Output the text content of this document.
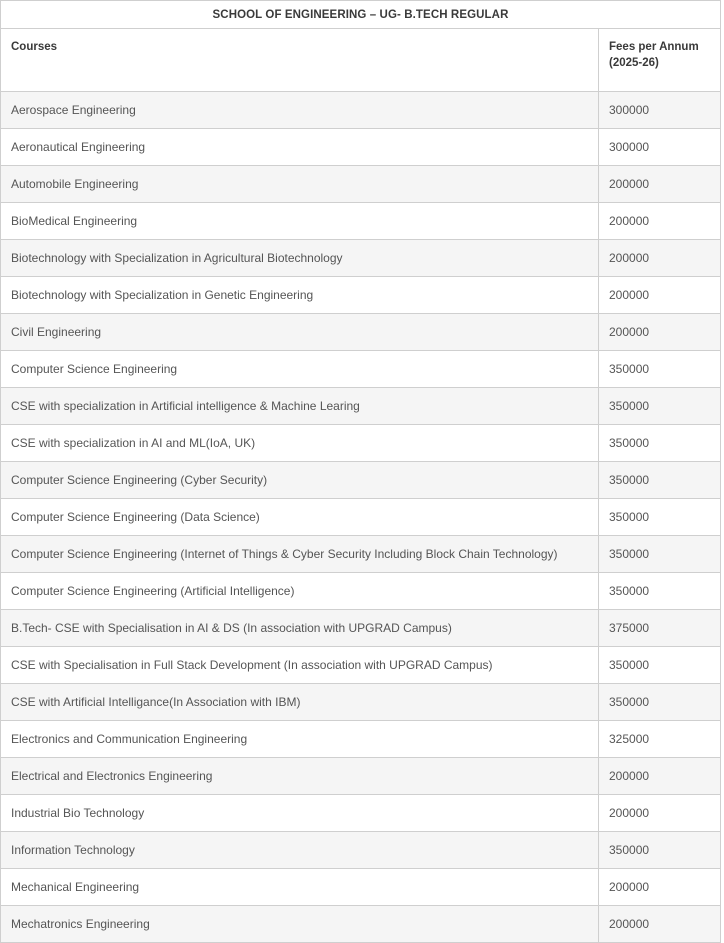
SCHOOL OF ENGINEERING – UG- B.TECH REGULAR	
Courses	Fees per Annum (2025-26)
Aerospace Engineering	300000
Aeronautical Engineering	300000
Automobile Engineering	200000
BioMedical Engineering	200000
Biotechnology with Specialization in Agricultural Biotechnology	200000
Biotechnology with Specialization in Genetic Engineering	200000
Civil Engineering	200000
Computer Science Engineering	350000
CSE with specialization in Artificial intelligence & Machine Learing	350000
CSE with specialization in AI and ML(IoA, UK)	350000
Computer Science Engineering (Cyber Security)	350000
Computer Science Engineering (Data Science)	350000
Computer Science Engineering (Internet of Things & Cyber Security Including Block Chain Technology)	350000
Computer Science Engineering (Artificial Intelligence)	350000
B.Tech- CSE with Specialisation in AI & DS (In association with UPGRAD Campus)	375000
CSE with Specialisation in Full Stack Development (In association with UPGRAD Campus)	350000
CSE with Artificial Intelligance(In Association with IBM)	350000
Electronics and Communication Engineering	325000
Electrical and Electronics Engineering	200000
Industrial Bio Technology	200000
Information Technology	350000
Mechanical Engineering	200000
Mechatronics Engineering	200000
